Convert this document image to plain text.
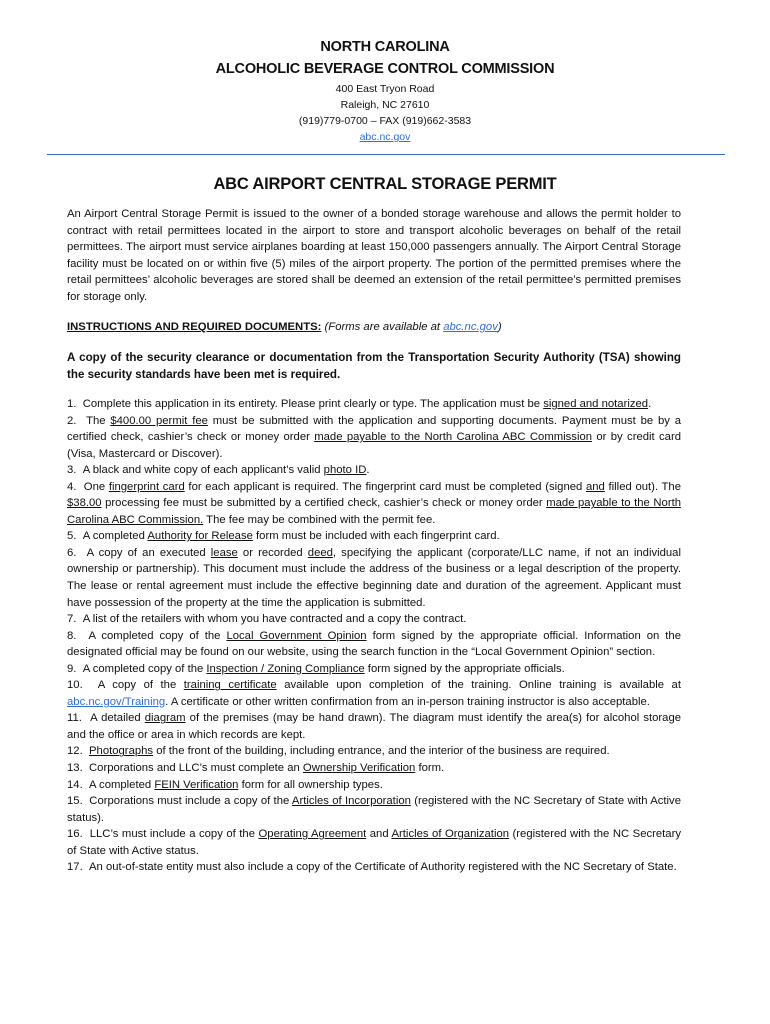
NORTH CAROLINA
ALCOHOLIC BEVERAGE CONTROL COMMISSION
400 East Tryon Road
Raleigh, NC 27610
(919)779-0700 – FAX (919)662-3583
abc.nc.gov
ABC AIRPORT CENTRAL STORAGE PERMIT

An Airport Central Storage Permit is issued to the owner of a bonded storage warehouse and allows the permit holder to contract with retail permittees located in the airport to store and transport alcoholic beverages on behalf of the retail permittees. The airport must service airplanes boarding at least 150,000 passengers annually. The Airport Central Storage facility must be located on or within five (5) miles of the airport property. The portion of the permitted premises where the retail permittees’ alcoholic beverages are stored shall be deemed an extension of the retail permittee’s permitted premises for storage only.

INSTRUCTIONS AND REQUIRED DOCUMENTS: (Forms are available at abc.nc.gov)

A copy of the security clearance or documentation from the Transportation Security Authority (TSA) showing the security standards have been met is required.

1. Complete this application in its entirety. Please print clearly or type. The application must be signed and notarized.
2. The $400.00 permit fee must be submitted with the application and supporting documents. Payment must be by a certified check, cashier’s check or money order made payable to the North Carolina ABC Commission or by credit card (Visa, Mastercard or Discover).
3. A black and white copy of each applicant’s valid photo ID.
4. One fingerprint card for each applicant is required. The fingerprint card must be completed (signed and filled out). The $38.00 processing fee must be submitted by a certified check, cashier’s check or money order made payable to the North Carolina ABC Commission. The fee may be combined with the permit fee.
5. A completed Authority for Release form must be included with each fingerprint card.
6. A copy of an executed lease or recorded deed, specifying the applicant (corporate/LLC name, if not an individual ownership or partnership). This document must include the address of the business or a legal description of the property. The lease or rental agreement must include the effective beginning date and duration of the agreement. Applicant must have possession of the property at the time the application is submitted.
7. A list of the retailers with whom you have contracted and a copy the contract.
8. A completed copy of the Local Government Opinion form signed by the appropriate official. Information on the designated official may be found on our website, using the search function in the “Local Government Opinion” section.
9. A completed copy of the Inspection / Zoning Compliance form signed by the appropriate officials.
10. A copy of the training certificate available upon completion of the training. Online training is available at abc.nc.gov/Training. A certificate or other written confirmation from an in-person training instructor is also acceptable.
11. A detailed diagram of the premises (may be hand drawn). The diagram must identify the area(s) for alcohol storage and the office or area in which records are kept.
12. Photographs of the front of the building, including entrance, and the interior of the business are required.
13. Corporations and LLC’s must complete an Ownership Verification form.
14. A completed FEIN Verification form for all ownership types.
15. Corporations must include a copy of the Articles of Incorporation (registered with the NC Secretary of State with Active status).
16. LLC’s must include a copy of the Operating Agreement and Articles of Organization (registered with the NC Secretary of State with Active status.
17. An out-of-state entity must also include a copy of the Certificate of Authority registered with the NC Secretary of State.
